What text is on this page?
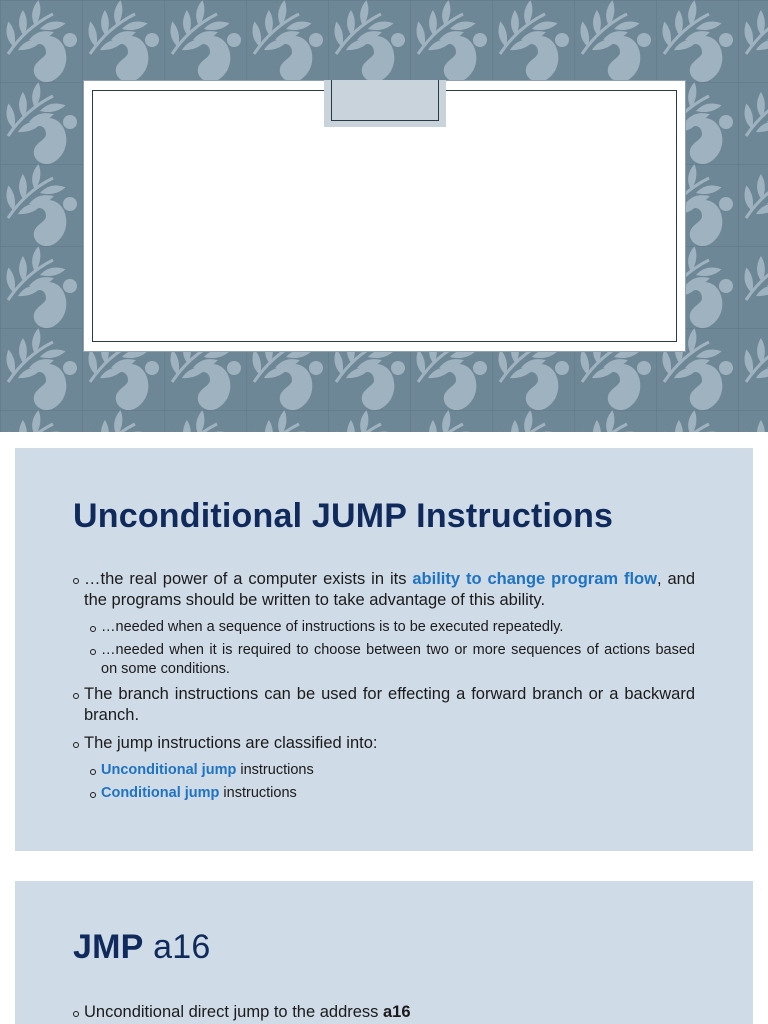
Unconditional JUMP Instructions
…the real power of a computer exists in its ability to change program flow, and the programs should be written to take advantage of this ability.
…needed when a sequence of instructions is to be executed repeatedly.
…needed when it is required to choose between two or more sequences of actions based on some conditions.
The branch instructions can be used for effecting a forward branch or a backward branch.
The jump instructions are classified into:
Unconditional jump instructions
Conditional jump instructions
JMP a16
Unconditional direct jump to the address a16
